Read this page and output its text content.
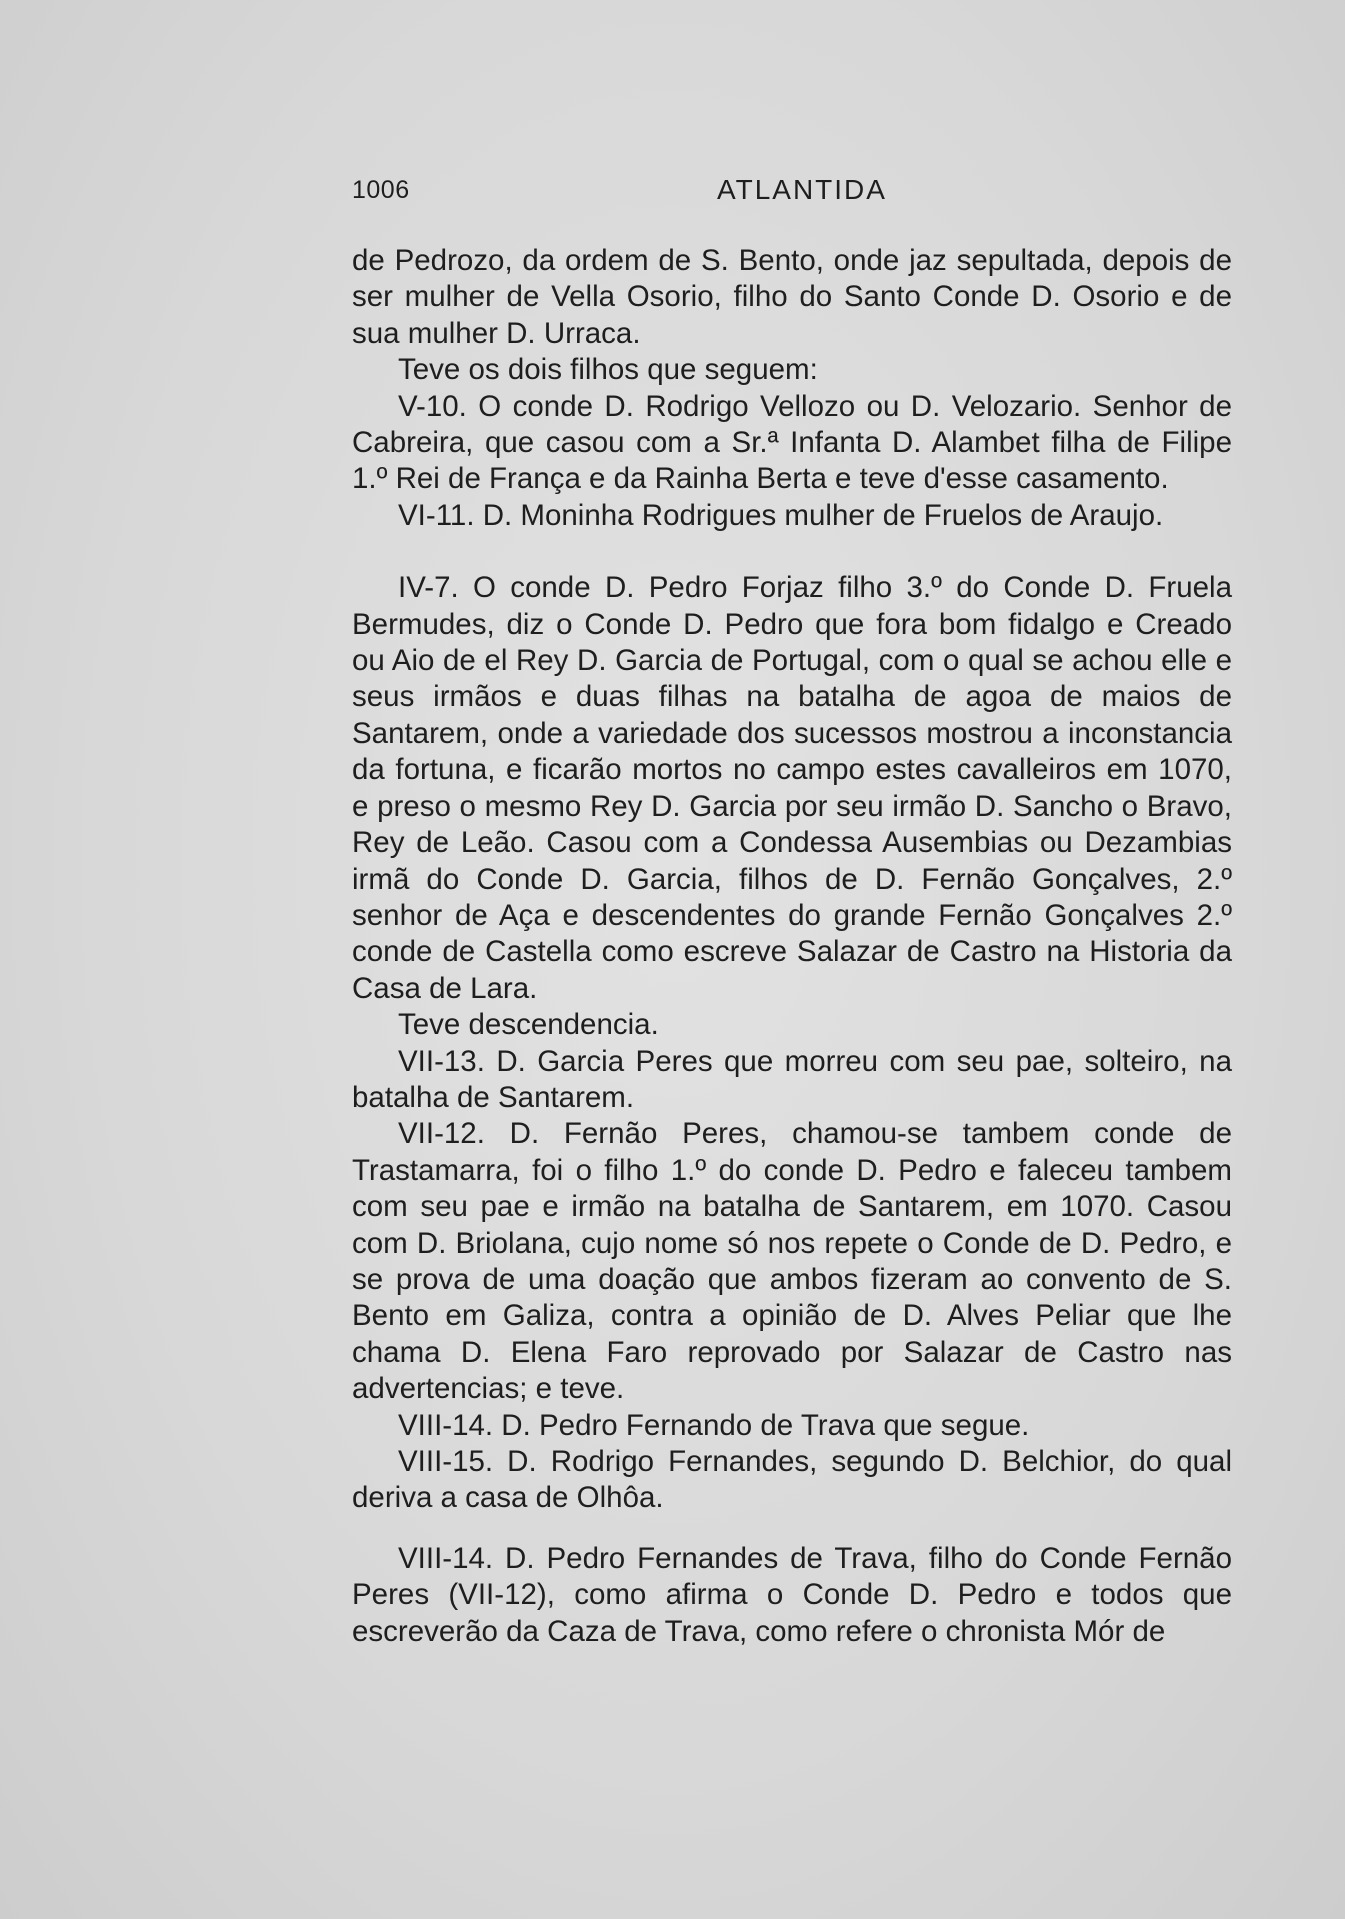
1006	ATLANTIDA

de Pedrozo, da ordem de S. Bento, onde jaz sepultada, depois de ser mulher de Vella Osorio, filho do Santo Conde D. Osorio e de sua mulher D. Urraca.

Teve os dois filhos que seguem:

V-10. O conde D. Rodrigo Vellozo ou D. Velozario. Senhor de Cabreira, que casou com a Sr.ª Infanta D. Alambet filha de Filipe 1.º Rei de França e da Rainha Berta e teve d'esse casamento.

VI-11. D. Moninha Rodrigues mulher de Fruelos de Araujo.

IV-7. O conde D. Pedro Forjaz filho 3.º do Conde D. Fruela Bermudes, diz o Conde D. Pedro que fora bom fidalgo e Creado ou Aio de el Rey D. Garcia de Portugal, com o qual se achou elle e seus irmãos e duas filhas na batalha de agoa de maios de Santarem, onde a variedade dos sucessos mostrou a inconstancia da fortuna, e ficarão mortos no campo estes cavalleiros em 1070, e preso o mesmo Rey D. Garcia por seu irmão D. Sancho o Bravo, Rey de Leão. Casou com a Condessa Ausembias ou Dezambias irmã do Conde D. Garcia, filhos de D. Fernão Gonçalves, 2.º senhor de Aça e descendentes do grande Fernão Gonçalves 2.º conde de Castella como escreve Salazar de Castro na Historia da Casa de Lara.

Teve descendencia.

VII-13. D. Garcia Peres que morreu com seu pae, solteiro, na batalha de Santarem.

VII-12. D. Fernão Peres, chamou-se tambem conde de Trastamarra, foi o filho 1.º do conde D. Pedro e faleceu tambem com seu pae e irmão na batalha de Santarem, em 1070. Casou com D. Briolana, cujo nome só nos repete o Conde de D. Pedro, e se prova de uma doação que ambos fizeram ao convento de S. Bento em Galiza, contra a opinião de D. Alves Peliar que lhe chama D. Elena Faro reprovado por Salazar de Castro nas advertencias; e teve.

VIII-14. D. Pedro Fernando de Trava que segue.

VIII-15. D. Rodrigo Fernandes, segundo D. Belchior, do qual deriva a casa de Olhôa.

VIII-14. D. Pedro Fernandes de Trava, filho do Conde Fernão Peres (VII-12), como afirma o Conde D. Pedro e todos que escreverão da Caza de Trava, como refere o chronista Mór de
